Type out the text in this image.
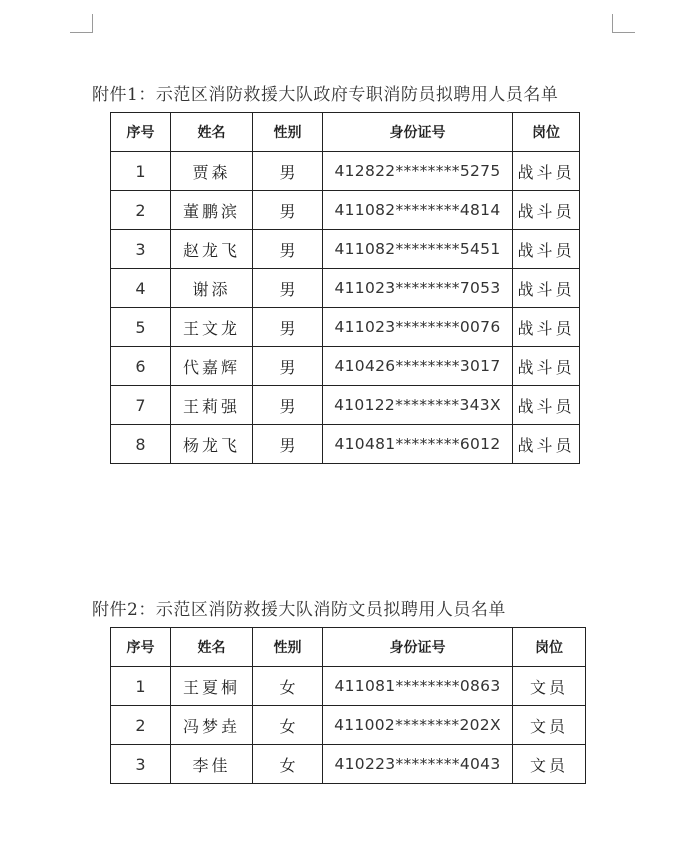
附件1：示范区消防救援大队政府专职消防员拟聘用人员名单
序号	姓名	性别	身份证号	岗位
1	贾森	男	412822********5275	战斗员
2	董鹏滨	男	411082********4814	战斗员
3	赵龙飞	男	411082********5451	战斗员
4	谢添	男	411023********7053	战斗员
5	王文龙	男	411023********0076	战斗员
6	代嘉辉	男	410426********3017	战斗员
7	王莉强	男	410122********343X	战斗员
8	杨龙飞	男	410481********6012	战斗员
附件2：示范区消防救援大队消防文员拟聘用人员名单
序号	姓名	性别	身份证号	岗位
1	王夏桐	女	411081********0863	文员
2	冯梦垚	女	411002********202X	文员
3	李佳	女	410223********4043	文员
